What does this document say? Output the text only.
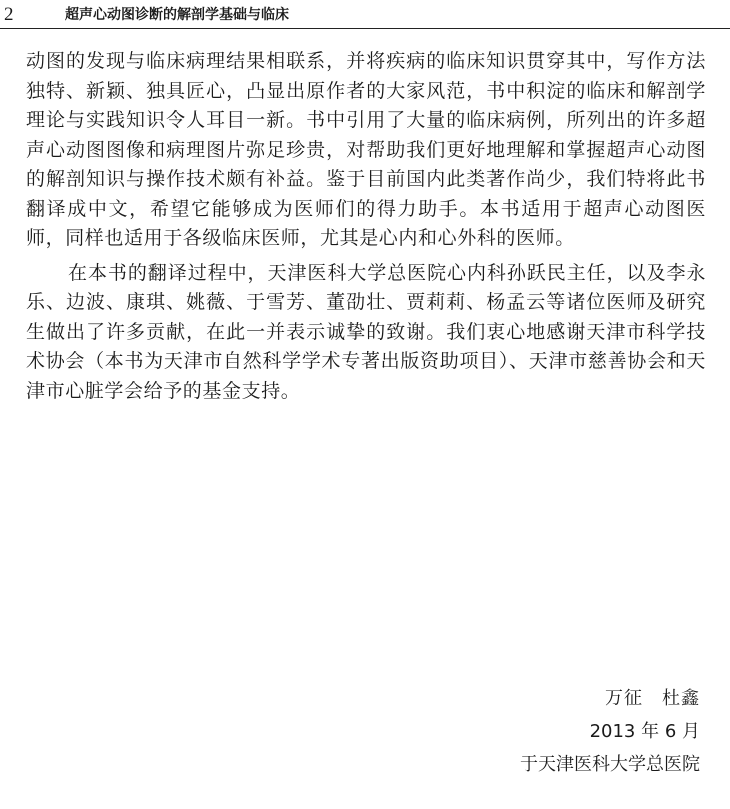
2	超声心动图诊断的解剖学基础与临床

动图的发现与临床病理结果相联系，并将疾病的临床知识贯穿其中，写作方法独特、新颖、独具匠心，凸显出原作者的大家风范，书中积淀的临床和解剖学理论与实践知识令人耳目一新。书中引用了大量的临床病例，所列出的许多超声心动图图像和病理图片弥足珍贵，对帮助我们更好地理解和掌握超声心动图的解剖知识与操作技术颇有补益。鉴于目前国内此类著作尚少，我们特将此书翻译成中文，希望它能够成为医师们的得力助手。本书适用于超声心动图医师，同样也适用于各级临床医师，尤其是心内和心外科的医师。

在本书的翻译过程中，天津医科大学总医院心内科孙跃民主任，以及李永乐、边波、康琪、姚薇、于雪芳、董劭壮、贾莉莉、杨孟云等诸位医师及研究生做出了许多贡献，在此一并表示诚挚的致谢。我们衷心地感谢天津市科学技术协会（本书为天津市自然科学学术专著出版资助项目）、天津市慈善协会和天津市心脏学会给予的基金支持。

万征　杜鑫
2013 年 6 月
于天津医科大学总医院
